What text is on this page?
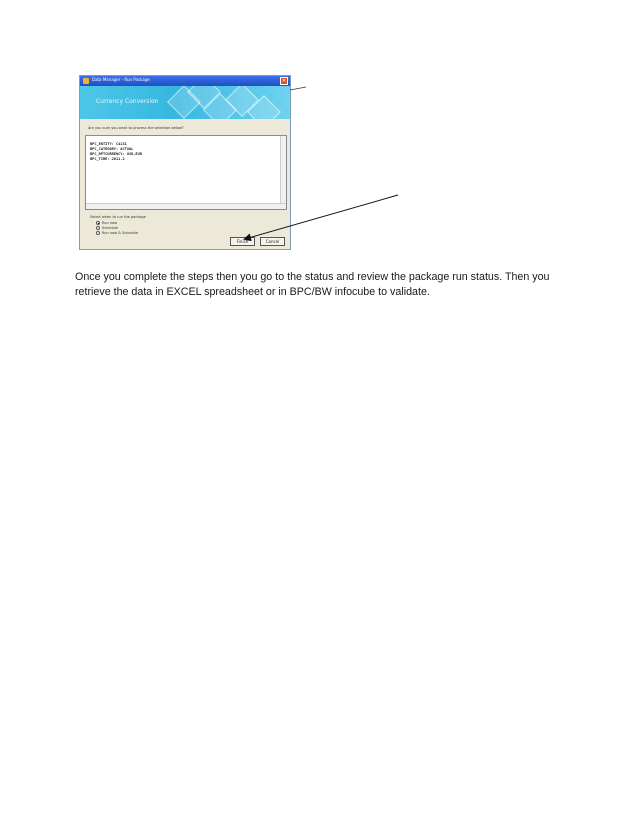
Data Manager - Run Package	✕
Currency Conversion
Are you sure you want to process the selection below?
BPC_ENTITY: C4131
BPC_CATEGORY: ACTUAL
BPC_RPTCURRENCY: USD,EUR
BPC_TIME: 2011.2
Select when to run the package
Run now
Schedule
Run now & Schedule
Finish	Cancel

Once you complete the steps then you go to the status and review the package run status. Then you retrieve the data in EXCEL spreadsheet or in BPC/BW infocube to validate.
